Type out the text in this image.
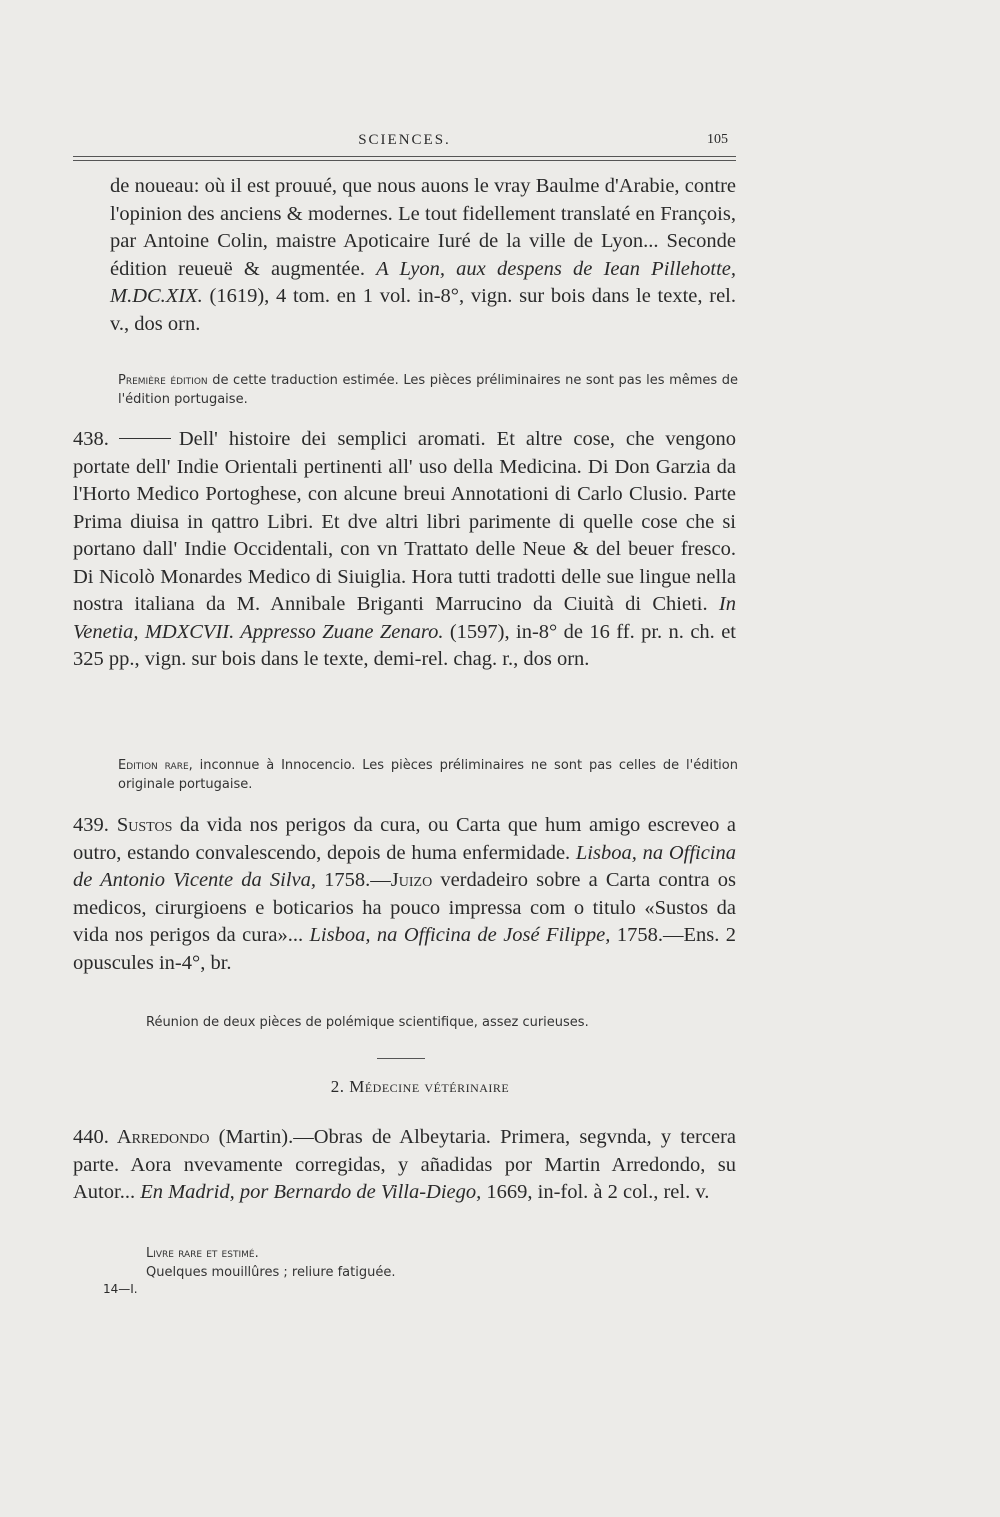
SCIENCES.	105
de noueau: où il est prouué, que nous auons le vray Baulme d'Arabie, contre l'opinion des anciens & modernes. Le tout fidellement translaté en François, par Antoine Colin, maistre Apoticaire Iuré de la ville de Lyon... Seconde édition reueuë & augmentée. A Lyon, aux despens de Iean Pillehotte, M.DC.XIX. (1619), 4 tom. en 1 vol. in-8°, vign. sur bois dans le texte, rel. v., dos orn.
Première édition de cette traduction estimée. Les pièces préliminaires ne sont pas les mêmes de l'édition portugaise.
438.	Dell' histoire dei semplici aromati. Et altre cose, che vengono portate dell' Indie Orientali pertinenti all' uso della Medicina. Di Don Garzia da l'Horto Medico Portoghese, con alcune breui Annotationi di Carlo Clusio. Parte Prima diuisa in qattro Libri. Et dve altri libri parimente di quelle cose che si portano dall' Indie Occidentali, con vn Trattato delle Neue & del beuer fresco. Di Nicolò Monardes Medico di Siuiglia. Hora tutti tradotti delle sue lingue nella nostra italiana da M. Annibale Briganti Marrucino da Ciuità di Chieti. In Venetia, MDXCVII. Appresso Zuane Zenaro. (1597), in-8° de 16 ff. pr. n. ch. et 325 pp., vign. sur bois dans le texte, demi-rel. chag. r., dos orn.
Edition rare, inconnue à Innocencio. Les pièces préliminaires ne sont pas celles de l'édition originale portugaise.
439. Sustos da vida nos perigos da cura, ou Carta que hum amigo escreveo a outro, estando convalescendo, depois de huma enfermidade. Lisboa, na Officina de Antonio Vicente da Silva, 1758.—Juizo verdadeiro sobre a Carta contra os medicos, cirurgioens e boticarios ha pouco impressa com o titulo «Sustos da vida nos perigos da cura»... Lisboa, na Officina de José Filippe, 1758.—Ens. 2 opuscules in-4°, br.
Réunion de deux pièces de polémique scientifique, assez curieuses.
2. Médecine vétérinaire
440. Arredondo (Martin).—Obras de Albeytaria. Primera, segvnda, y tercera parte. Aora nvevamente corregidas, y añadidas por Martin Arredondo, su Autor... En Madrid, por Bernardo de Villa-Diego, 1669, in-fol. à 2 col., rel. v.
Livre rare et estimé.
Quelques mouillûres ; reliure fatiguée.
14—I.
